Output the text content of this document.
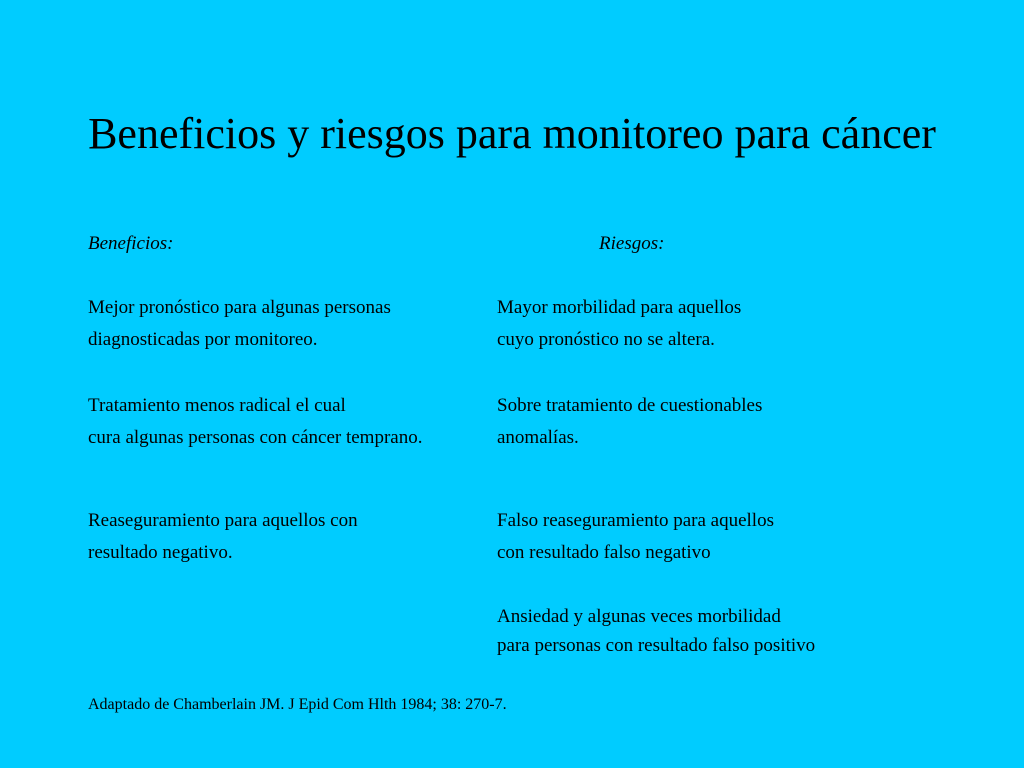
Beneficios y riesgos para monitoreo para cáncer
Beneficios:
Mejor pronóstico para algunas personas
diagnosticadas por monitoreo.
Tratamiento menos radical el cual
cura algunas personas con cáncer temprano.
Reaseguramiento para aquellos con
resultado negativo.
Riesgos:
Mayor morbilidad para aquellos
cuyo pronóstico no se altera.
Sobre tratamiento de cuestionables
anomalías.
Falso reaseguramiento para aquellos
con resultado falso negativo
Ansiedad y algunas veces morbilidad
para personas con resultado falso positivo
Adaptado de Chamberlain JM. J Epid Com Hlth 1984; 38: 270-7.
